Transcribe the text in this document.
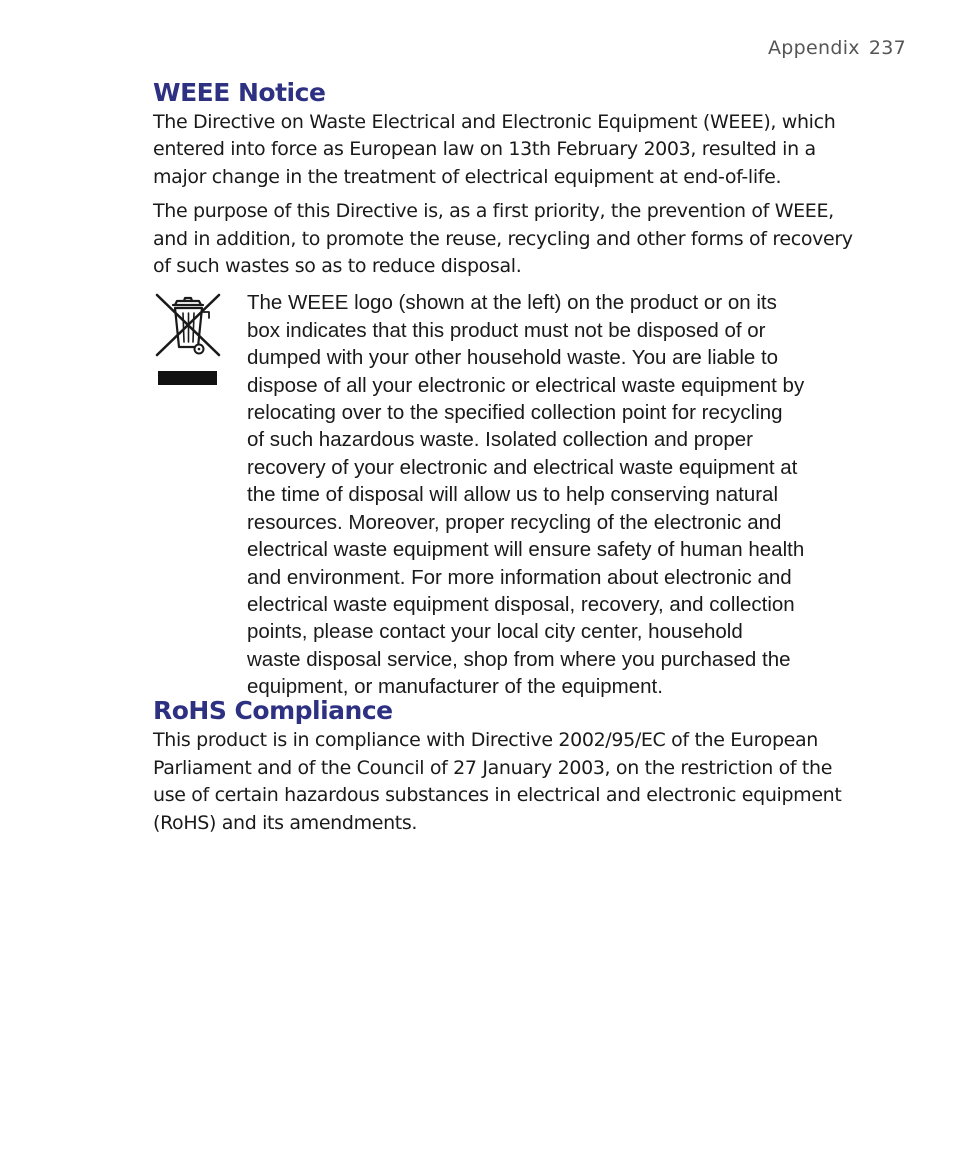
Appendix 237
WEEE Notice

The Directive on Waste Electrical and Electronic Equipment (WEEE), which
entered into force as European law on 13th February 2003, resulted in a
major change in the treatment of electrical equipment at end-of-life.

The purpose of this Directive is, as a first priority, the prevention of WEEE,
and in addition, to promote the reuse, recycling and other forms of recovery
of such wastes so as to reduce disposal.

The WEEE logo (shown at the left) on the product or on its
box indicates that this product must not be disposed of or
dumped with your other household waste. You are liable to
dispose of all your electronic or electrical waste equipment by
relocating over to the specified collection point for recycling
of such hazardous waste. Isolated collection and proper
recovery of your electronic and electrical waste equipment at
the time of disposal will allow us to help conserving natural
resources. Moreover, proper recycling of the electronic and
electrical waste equipment will ensure safety of human health
and environment. For more information about electronic and
electrical waste equipment disposal, recovery, and collection
points, please contact your local city center, household
waste disposal service, shop from where you purchased the
equipment, or manufacturer of the equipment.

RoHS Compliance

This product is in compliance with Directive 2002/95/EC of the European
Parliament and of the Council of 27 January 2003, on the restriction of the
use of certain hazardous substances in electrical and electronic equipment
(RoHS) and its amendments.
